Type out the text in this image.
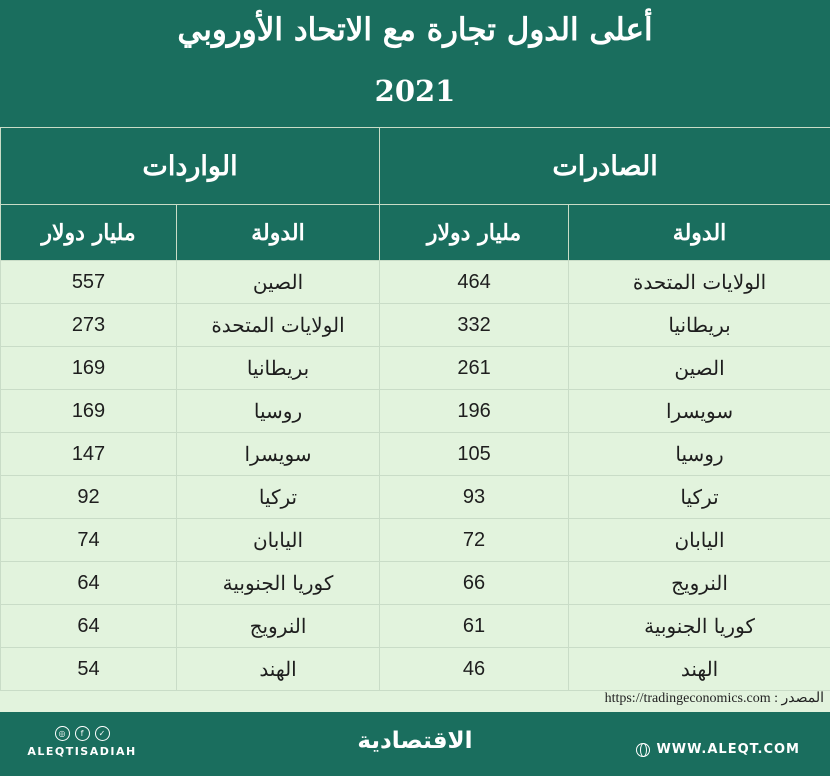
أعلى الدول تجارة مع الاتحاد الأوروبي
2021
الصادرات		الواردات	
الدولة	مليار دولار	الدولة	مليار دولار
الولايات المتحدة	464	الصين	557
بريطانيا	332	الولايات المتحدة	273
الصين	261	بريطانيا	169
سويسرا	196	روسيا	169
روسيا	105	سويسرا	147
تركيا	93	تركيا	92
اليابان	72	اليابان	74
النرويج	66	كوريا الجنوبية	64
كوريا الجنوبية	61	النرويج	64
الهند	46	الهند	54
المصدر : https://tradingeconomics.com
◎	f	✓
ALEQTISADIAH	الاقتصادية	WWW.ALEQT.COM
